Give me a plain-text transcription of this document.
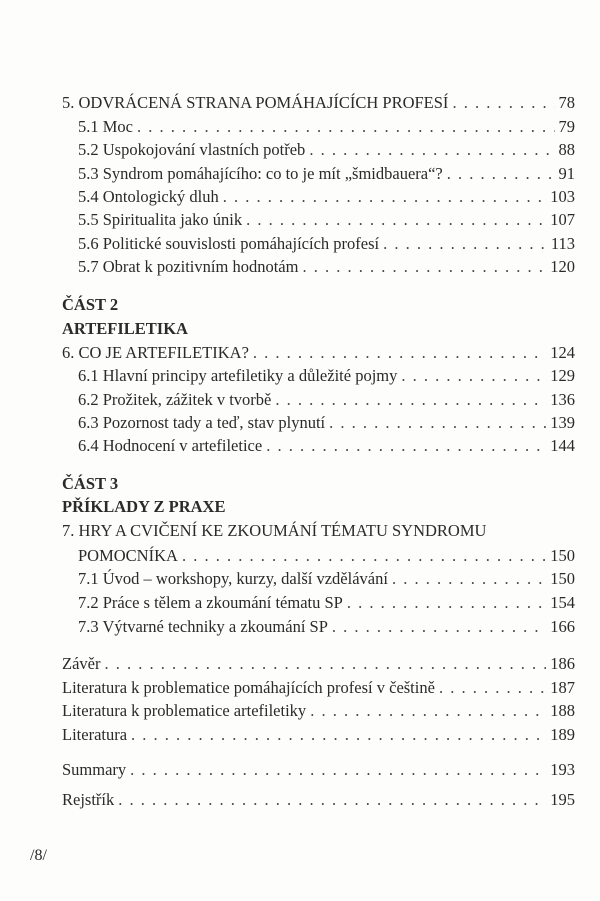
5. ODVRÁCENÁ STRANA POMÁHAJÍCÍCH PROFESÍ . . .	78
5.1 Moc . . .	79
5.2 Uspokojování vlastních potřeb . . .	88
5.3 Syndrom pomáhajícího: co to je mít „šmidbauera“? . . .	91
5.4 Ontologický dluh . . .	103
5.5 Spiritualita jako únik . . .	107
5.6 Politické souvislosti pomáhajících profesí . . .	113
5.7 Obrat k pozitivním hodnotám . . .	120
ČÁST 2
ARTEFILETIKA
6. CO JE ARTEFILETIKA? . . .	124
6.1 Hlavní principy artefiletiky a důležité pojmy . . .	129
6.2 Prožitek, zážitek v tvorbě . . .	136
6.3 Pozornost tady a teď, stav plynutí . . .	139
6.4 Hodnocení v artefiletice . . .	144
ČÁST 3
PŘÍKLADY Z PRAXE
7. HRY A CVIČENÍ KE ZKOUMÁNÍ TÉMATU SYNDROMU
POMOCNÍKA . . .	150
7.1 Úvod – workshopy, kurzy, další vzdělávání . . .	150
7.2 Práce s tělem a zkoumání tématu SP . . .	154
7.3 Výtvarné techniky a zkoumání SP . . .	166
Závěr . . .	186
Literatura k problematice pomáhajících profesí v češtině . . .	187
Literatura k problematice artefiletiky . . .	188
Literatura . . .	189
Summary . . .	193
Rejstřík . . .	195
/8/
